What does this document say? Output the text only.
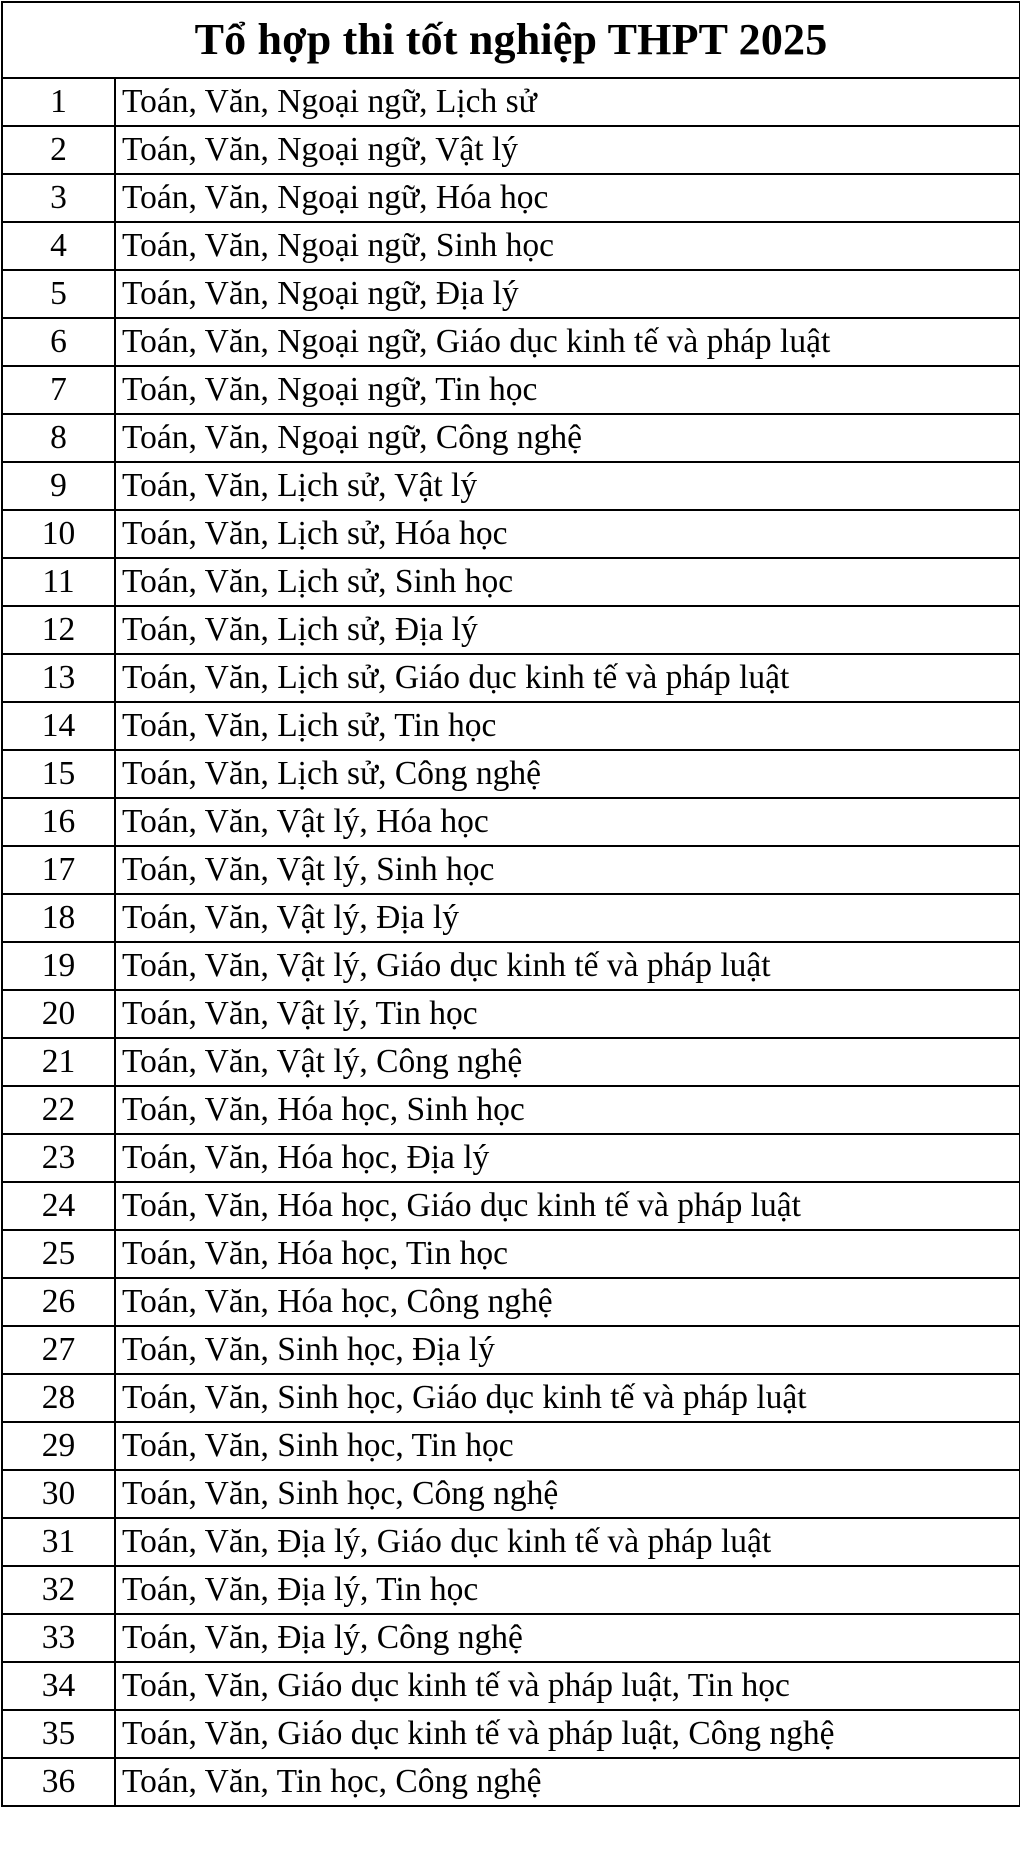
Tổ hợp thi tốt nghiệp THPT 2025	
1	Toán, Văn, Ngoại ngữ, Lịch sử
2	Toán, Văn, Ngoại ngữ, Vật lý
3	Toán, Văn, Ngoại ngữ, Hóa học
4	Toán, Văn, Ngoại ngữ, Sinh học
5	Toán, Văn, Ngoại ngữ, Địa lý
6	Toán, Văn, Ngoại ngữ, Giáo dục kinh tế và pháp luật
7	Toán, Văn, Ngoại ngữ, Tin học
8	Toán, Văn, Ngoại ngữ, Công nghệ
9	Toán, Văn, Lịch sử, Vật lý
10	Toán, Văn, Lịch sử, Hóa học
11	Toán, Văn, Lịch sử, Sinh học
12	Toán, Văn, Lịch sử, Địa lý
13	Toán, Văn, Lịch sử, Giáo dục kinh tế và pháp luật
14	Toán, Văn, Lịch sử, Tin học
15	Toán, Văn, Lịch sử, Công nghệ
16	Toán, Văn, Vật lý, Hóa học
17	Toán, Văn, Vật lý, Sinh học
18	Toán, Văn, Vật lý, Địa lý
19	Toán, Văn, Vật lý, Giáo dục kinh tế và pháp luật
20	Toán, Văn, Vật lý, Tin học
21	Toán, Văn, Vật lý, Công nghệ
22	Toán, Văn, Hóa học, Sinh học
23	Toán, Văn, Hóa học, Địa lý
24	Toán, Văn, Hóa học, Giáo dục kinh tế và pháp luật
25	Toán, Văn, Hóa học, Tin học
26	Toán, Văn, Hóa học, Công nghệ
27	Toán, Văn, Sinh học, Địa lý
28	Toán, Văn, Sinh học, Giáo dục kinh tế và pháp luật
29	Toán, Văn, Sinh học, Tin học
30	Toán, Văn, Sinh học, Công nghệ
31	Toán, Văn, Địa lý, Giáo dục kinh tế và pháp luật
32	Toán, Văn, Địa lý, Tin học
33	Toán, Văn, Địa lý, Công nghệ
34	Toán, Văn, Giáo dục kinh tế và pháp luật, Tin học
35	Toán, Văn, Giáo dục kinh tế và pháp luật, Công nghệ
36	Toán, Văn, Tin học, Công nghệ
